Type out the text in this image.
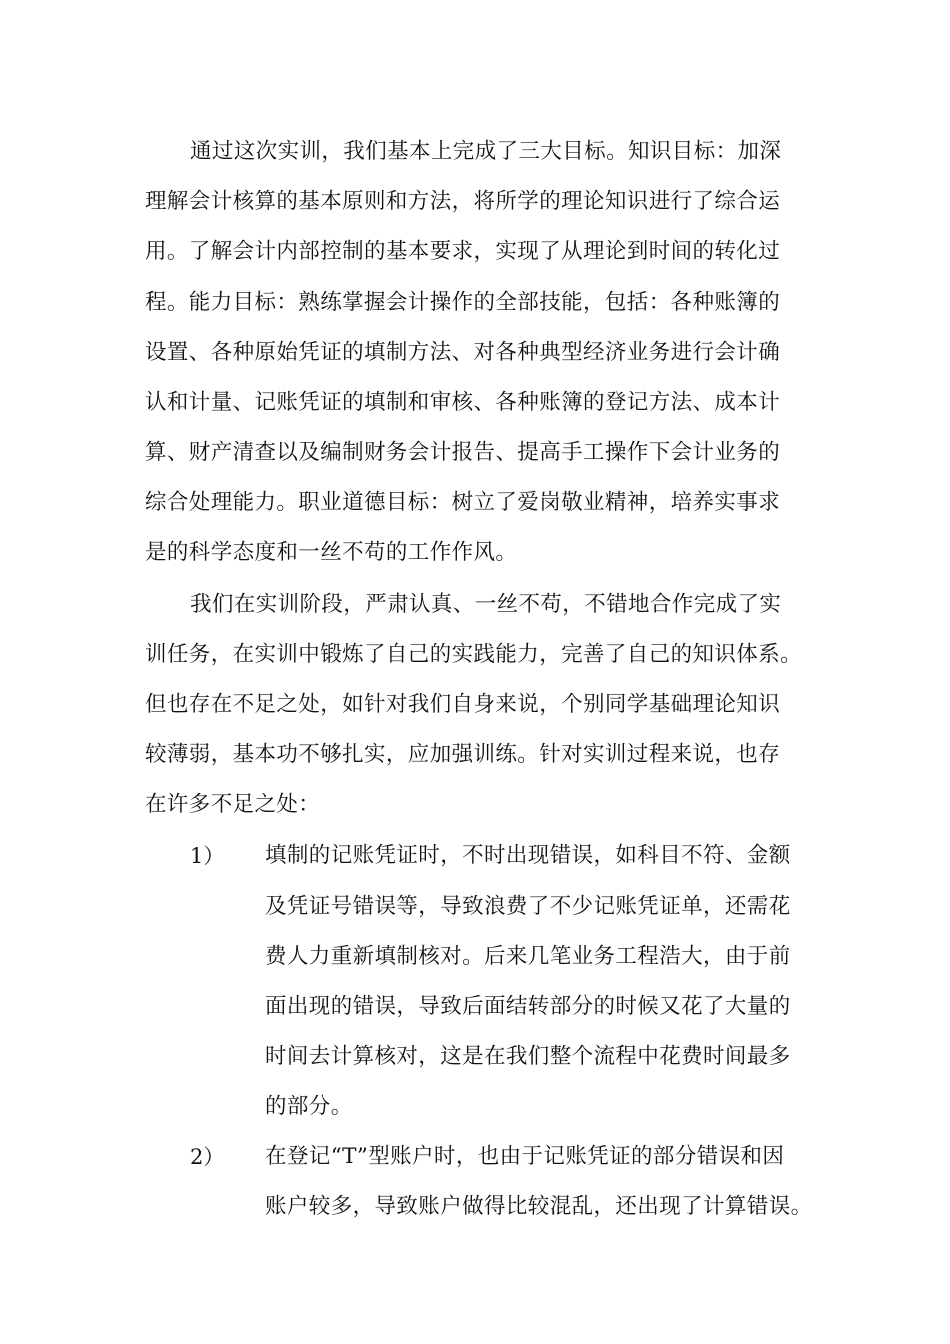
通过这次实训，我们基本上完成了三大目标。知识目标：加深
理解会计核算的基本原则和方法，将所学的理论知识进行了综合运
用。了解会计内部控制的基本要求，实现了从理论到时间的转化过
程。能力目标：熟练掌握会计操作的全部技能，包括：各种账簿的
设置、各种原始凭证的填制方法、对各种典型经济业务进行会计确
认和计量、记账凭证的填制和审核、各种账簿的登记方法、成本计
算、财产清查以及编制财务会计报告、提高手工操作下会计业务的
综合处理能力。职业道德目标：树立了爱岗敬业精神，培养实事求
是的科学态度和一丝不苟的工作作风。
我们在实训阶段，严肃认真、一丝不苟，不错地合作完成了实
训任务，在实训中锻炼了自己的实践能力，完善了自己的知识体系。
但也存在不足之处，如针对我们自身来说，个别同学基础理论知识
较薄弱，基本功不够扎实，应加强训练。针对实训过程来说，也存
在许多不足之处：
1） 填制的记账凭证时，不时出现错误，如科目不符、金额
及凭证号错误等，导致浪费了不少记账凭证单，还需花
费人力重新填制核对。后来几笔业务工程浩大，由于前
面出现的错误，导致后面结转部分的时候又花了大量的
时间去计算核对，这是在我们整个流程中花费时间最多
的部分。
2） 在登记“T”型账户时，也由于记账凭证的部分错误和因
账户较多，导致账户做得比较混乱，还出现了计算错误。
